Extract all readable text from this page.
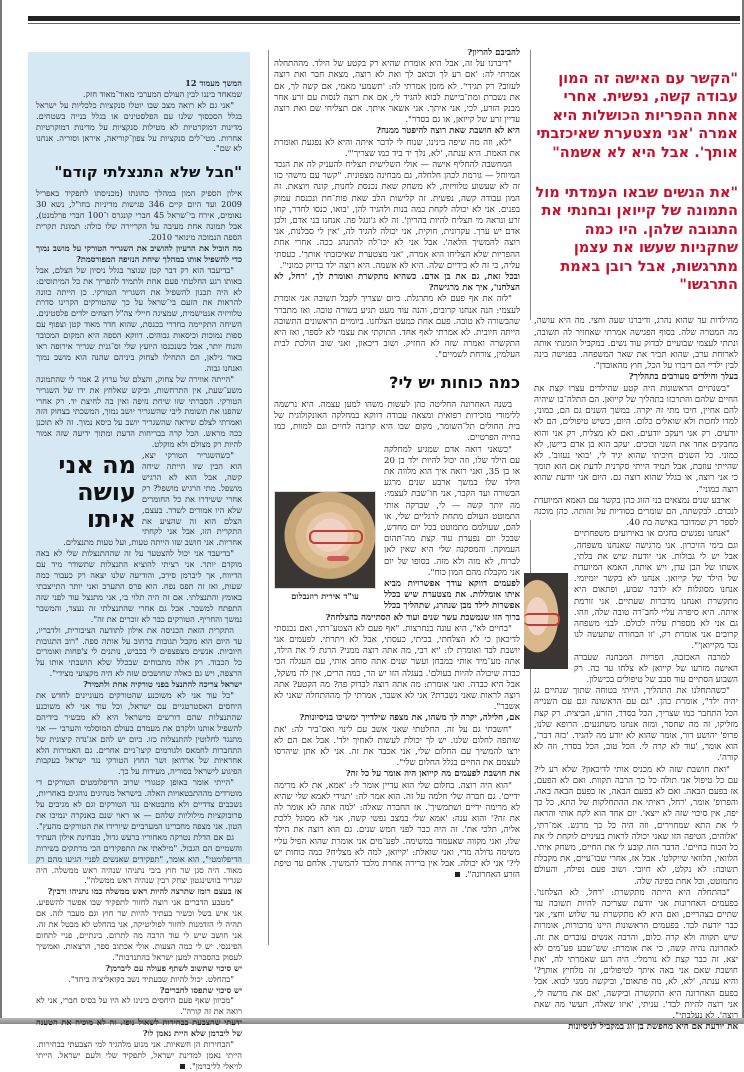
"הקשר עם האישה זה המון עבודה קשה, נפשית. אחרי אחת ההפריות הכושלות היא אמרה 'אני מצטערת שאיכזבתי אותך'. אבל היא לא אשמה"

"את הנשים שבאו העמדתי מול התמונה של קייואן ובחנתי את התגובה שלהן. היו כמה שחקניות שעשו את עצמן מתרגשות, אבל רובן באמת התרגשו"

מהילדות עד שהוא נהרג, ודיברנו שעה וחצי. מה היא עושה, מה המטרה שלה. בסוף הפגישה אמרתי שאחזיר לה תשובה, ונתתי לעצמי שבועיים לבדוק עוד נשים. במקביל הזמנתי אותה לארוחת ערב, שהוא תכיר את שאר המשפחה. בפגישה בינה לבין ילדיי הם דיברו על הכל, חוץ מהאובדן".

בעלך והילדים מעורבים בתהליך?

"בשנתיים הראשונות היה קטע שהילדים עצרו קצת את החיים שלהם והתרכזו בתהליך של קייואן. הם התלה־בו שיהיה להם אחיין, חיכו מתי זה יקרה. במשך השנים גם הם, כמוני, למדו לחכות ולא שואלים כלום. היום, כשיש טיפולים, הם לא יודעים. רק אני ויעקב יודעים. ואם לא מצליח, רק אני והוא מחבקים אחד את השני ובוכים. יעקב הוא בן אדם ביישן, לא כמוני. כל השנים חיכיתי שהוא יגיד לי, 'בואי נעזוב'. לא שהייתי עוזבת, אבל תמיד הייתי סקרנית לדעת אם הוא תומך כי אני רוצה, או בגלל שהוא רוצה גם. היום אני יודעת שהוא רוצה כמוני".

ארבע שנים נמצאים בני הזוג כהן בקשר עם האמא המיועדת לנכדם. לבקשתה, הם שומרים בסודיות על זהותה. כהן מוכנה לספר רק שמדובר באישה בת 40.

"אנחנו נפגשים בחגים או באירועים משפחתיים וגם בימי הזיכרון. אני מרגישה שאנחנו משפחה, אבל יש לי גבולות. אני יודעת שיש את בלתי, אשתו של הבן עדן, ויש אותה, האמא המיועדת של הילד של קייואן. אנחנו לא בקשר יומיומי. אנחנו מסוגלות לא לדבר שבוע, ופתאום היא מתקשרת ואנחנו מדברות שעתיים. אני זורמת איתה. היא סיפרה עליי לחב־רה טובה שלה, וזהו. גם אני לא מספרת עליה לכולם. לבני משפחה קרובים אני אומרת רק, 'זו הבחורה שתעשה לנו נכד מקייואן'".

למרבה האכזבה, הפריות המבחנה שעברה האישה מזרעו של קייואן לא צלחו עד כה. רק השבוע הסתיים עוד סבב של טיפולים בכישלון.

"כשהתחלנו את התהליך, הייתי בטוחה שתוך שנתיים גג יהיה ילד", אומרת כהן. "גם עם הראשונה וגם עם השנייה הכל התחבר כמו שצריך, הכל בסדר, הזרע, הביצית. רק קצת מזליקו, זה מה שחסר, ומזה אנחנו משתגעים. הרופא שלנו, פרופ' יהושע דור, אומר שהוא לא יודע מה להגיד. 'כזה דבר', הוא אומר, 'עוד לא קרה לי. הכל טוב, הכל בסדר, וזה לא קורה'.

"ואת חושבת שזה לא מכניס אותי לדיכאון? שלא רע לי? עם כל טיפול אני תולה כל כך הרבה תקוות. ואם לא הפעם, אז בפעם הבאה. ואם לא בפעם הבאה, אז בפעם הבאה באה. והפרופ' אומר, 'רחל, ראיתי את ההתחלקות של התא, כל כך יפה, אין סיכוי שזה לא ייצא'. יום אחד הוא לקח אותי והראה לי את התא שמחוירים, וזה היה כל כך מרגש. אמ־רתי, 'אלוהים, הטיפה הזו שאני יכולה לראות בעיניים לוקחת לי את כל הכוח בחיים'. הדבר הזה קובע לי את החיים, משחק איתי. הלוואי, הלוואי שייקלט'. אבל אז, אחרי שבו־עיים, את מקבלת תשובה: לא נקלט, לא חיובי. ושוב פעם נפילה, והעולם מתמוטט, וכל אחת בפינה שלה.

"בהתחלה היא הייתה מתקשרת: 'רחל, לא הצלחנו'. בפעמים האחרונות אני יודעת שצריכה להיות תשובה עד שתיים בצהריים, ואם היא לא מתקשרת עד שלוש וחצי, אני כבר יודעת לבד. בפעמים הראשונות היינו מרבורות, אומרות שיש תקווה ולא קרה כלום, והרבה אנשים עוברים את זה. לאחרונה נהיה קשה, כי את אומרת: שש־שבע פע־מים לא יצא. זה כבר קצת לא נורמלי. היה רגע שאמרתי לה, 'את חושבת שאם אני באה איתך לטיפולים, זה מלחיץ אותך?' והיא ענתה, 'לא, לא, מה פתאום', וביקשה ממני לבוא. אבל בפעם האחרונה היא התקשרה וביקשה, 'אם את מרשה לי, אני רוצה להיות לבד'. עניתי, 'איזו שאלה, תעשי מה שאת רוצה'. לא נעלבתי".

את יודעת אם היא מחפשת בן זוג במקביל לניסיונות

להביבם להריון?

"דיברנו על זה, אבל היא אומרת שהיא רק בקטע של הילד. מההתחלה אמרתי לה: 'אם רע לך וכואב לך ואת לא רוצה, מצאת חבר ואת רוצה לעזוב? רק תגידי'. לא מזמן אמרתי לה: 'תשמעי מאמי, אם קשה לך, אם את נשברת ומת־ביישת לבוא להגיד לי, אם את רוצה לנסות עם זרע אחר מבנק הזרע, לכי, אני איתך. אני אשאר איתך. אם תצליחי שם ואת רוצה עדיין זרע של קייואן, או גם בסדר".

היא לא חושבת שאת רוצה להיפטר ממנה?

"לא, וזה מה שיפה בינינו, שנוח לי לדבר איתה והיא לא נפגעת ואומרת את האמת. היא ענתה, 'לא, נלך יד ביד כמו שצריך'".

המחשבה להחליף אישה — אולי השלישית תצליח להעניק לה את הנכד המיוחל — גורמת לכהן חלחלה, גם מבחינה מצפונית. "קשר עם מישהי כזו זה לא שעשוע טלוויזיה, לא משחק שאת נכנסת לחנות, קונה ויוצאת. זה המון עבודה קשה, נפשית. זה קלישות הלב שאת פות־חת ונכנסת עמוק בפנים. אני לא יכולה לקחת כמה בנות ולהגיד להן, 'בואו, כנסו לחדר, קחו זרע ונראה מי תצליח להיות בהריון'. זה לא ג'ונגל פה. אנחנו בני אדם, ולכן אדם יש ערך. עקרונית, חוקית, אני יכולה להגיד לה, 'אין לי סבלנות, אני רוצה להמשיך הלאה'. אבל אני לא יכו־לה להתנהג ככה. אחרי אחת ההפריות שלא הצליחו היא אמרה, 'אני מצטערת שאיכזבתי אותך'. כעסתי עליה, כי זה לא בידיים שלה. היא לא אשמה. היא רוצה ילד בדיוק כמוני".

ובכל זאת, גם את בן אדם. כשהיא מתקשרת ואומרת לך, 'רחל, לא הצלחנו', איך את מרגישה?

"לזה את אף פעם לא מתרגלת. ביום שצריך לקבל תשובה אני אומרת לעצמי: הנה אנחנו קרובים, והנה עוד מעט תגיע בשורה טובה. ואז מתברר שהבשורה לא טובה. פעם אחת כמעט הצלחנו. ביומיים הראשונים התשובה הייתה חיובית. לא אמרתי לאף אחד. התוקתי את עצמי לא לספר, ואז היא התקשרה ואמרה שזה לא החזיק. ושוב דיכאון, ואני שוב הולכת לבית העלמין, צורחת לשמיים".

כמה כוחות יש לי?

בשנה האחרונה החליטה כהן לעשות משהו למען עצמה. היא נרשמה ללימודי מזכירות רפואית ומצאה עבודה דווקא במחלקה האונקולוגית של בית החולים תל־השומר, מקום שבו היא קרובה לחיים וגם למוות, כמו בחייה הפרטיים.

עו"ד אירית רוזנבלום

"כשאני רואה אדם שמגיע למחלקה עם הילד שלו, וזה יכול להיות ילד בן 20 או בן 35, ואני רואה איך הוא מלווה את הילד שלו במשך ארבע שנים מרגע הבשורה ועד הקבר, אני חו־שבת לעצמי: מה יותר קשה — לי, שברקה אותי התמוטט העולם מתחת לרגליים שלי, או להם, שעולמם מתמוטט בכל יום מחדש, שבכל יום נפערת עוד קצת מה־תהום העמוקה. והמסקנה שלי היא שאין לאן לברוח, לא מזה ולא מזה. בסופו של יום אני מקבלת מהם המון כוח".

לפעמים דווקא עודך אפשרויות מביא איתו אומללות. את מצטערת שיש בכלל אפשרות לילד מבן שנהרג, שתהליך בכלל ברוך הזו שנמשכת עשר שנים ועוד לא הסתיימה בהצלחה?

"בחיים לא", היא עונה בנחרצות. "אף פעם לא הצטע־רתי, ואם נכנסתי לדיכאון כי לא הצלחתי, בכיתי, כעסתי, אבל לא ויתרתי. לפעמים אני יושבת לבד ואומרת לו: 'יא רבי, מה אתה רוצה ממני? הרגת לי את הילד, אתה מע־מיד אותי במבחן ועשר שנים אתה סוחב אותי, עם העגלה הכי כבדה שיכולה להיות בעולם'. בעגלה הזו יש הר, כמה הרים, אין לה משקל, אבל היא כבדה. ואני אומרת: מה אתה רוצה לבדוק פה? מה הקטע? אתה רוצה לראות שאני נשברת? אני לא אשבר, אמרתי לך מההתחלה שאני לא אשבר".

אם, חלילה, יקרה לך משהו, את מצפה שילדייך ימשיכו בניסיונות?

"חשבתי גם על זה. החלטתי שאני אשב עם לינוי ואס־ביר לה: 'את שותפה לחלום שלנו. יש לך יכולת לעשות לאחיך ילד'. אבל אם הם לא ירצו להמשיך עם החלום שלי, אני אכבד את זה. אני לא אתן שיהרסו לעצמם את החיים בגלל החלום שלי".

את חושבת לפעמים מה קייואן היה אומר על כל זה?

"הוא היה רוצה. בחלום שלי הוא עדיין אומר לי: 'אמא, את לא מרימה ידיים'. גם חברה שלי חלמה על זה. הוא אמר לה: 'תגידי לאמא שלי שהיא לא מרימה ידיים ושתמשיך'. אז החברה שאלה: 'למה אתה לא אומר לה את זה?' והוא ענה: 'אמא שלי במצב נפשי קשה, אני לא מסוגל ללכת אליה, תלכי את'. זה היה כבר לפני חמש שנים. גם הוא רוצה את הילד שלו, ואני מקווה שאעמוד במשימה. לפע־מים אני אומרת שהוא הפיל עליי משימה גדולה מדי, ואני שואלת: 'קייואן, למה לא מצליח? כמה כוחות יש לי?' אני לא יכולה. אבל אין ברירה אחרת מלבד להמשיך. אלחם עד טיפת הזרע האחרונה".

המשך מעמוד 12

שמאחד ביננו לבין העולם המערבי מאוד־מאוד חזק.

"אני גם לא רואה מצב שבו יוטלו סנקציות כלכליות על ישראל בגלל הסכסוך שלנו עם הפלסטינים או בגלל בנייה בשטחים. מדינות דמוקרטיות לא מטילות סנקציות על מדינות דמוקרטיות אחרות. מטי־לים סנקציות על צפון־קוריאה, איראן וסוריה. אנחנו לא שם".

"חבל שלא התנצלתי קודם"

אילון הספיק המון במהלך כהונתו (מכניסתו לתפקיד באפריל 2009 ועד היום קיים 346 פגישות מדיניות בחו"ל, נשא 30 נאומים, אירח בי־שראל 45 חברי קונגרס ו־100 חברי פרלמנט), אבל תמונה אחת מעיבה על הקריירה שלו כולה: תמונת תקרית הספה הנמוכה מינואר 2010.

מה הוביל את הרעיון להושיב את השגריר הטורקי על מושב נמוך כדי להשפיל אותו במהלך שיחת הנזיפה המפורסמת?

"בדיעבד הוא רק דבר קטן שנוצר בגלל ניסיון של הצלם, אבל באותו רגע החלטתי פעם אחת ולתמיד להפריך את כל המיתוסים: לא היה תכנון להשפיל את השגריר הטורקי. כן הייתה כוונה להראות את הזעם בי־שראל על כך שהטורקים הקרינו סדרת טלוויזיה אנטישמית, שמציגה חיילי צה"ל רוצחים ילדים פלסטינים. השיחה התקיימה בחדרי בכנסת, שהוא חדר מאוד קטן וצפוף עם ספות נמוכות וכיסאות גבוהים. דווקא הספה היא המקום המכובד והנוח יותר, אבל כשנכנסו היועץ שלי וס־גנית שגריר אירופה ראו באור גילאן, הם התחילו לצחוק ביניהם שהנה הוא מושב נמוך ואנחנו גבוה.

"הייתה אווירה של צחוק, והצלם של ערוץ 2 אמר לי שהתמונה משע־שעת, אין התרחשות, וביקש שאלחץ את ידו של השגריר הטורקי. הסברתי שזו שיחת נזיפה ואין בה לחיצת יד. רק אחרי שהפנו את תשומת ליבי שהשגריר יושב נמוך, המשכתי בצחוק הזה ואמרתי לצלם שיראה שהשגריר יושב על כיסא נמוך. זה לא תוכנן ככה מראש. הכל קרה בבריחות הדעת ומתוך ידיעה שזה אמור להיות רק מצולם ולא מוקלט.

מה אני עושה איתו

"כשהשגריר הטורקי יצא, הוא הבין שזו הייתה שיחה קשה, אבל הוא לא הרגיש מושפל. מתי הרגיש מושפל? רק אחרי ששידרו את כל החומרים שלא היו אמורים לשדר. בעצם, הצלם הוא זה שהציע את התקרית הזו, אבל אני לקחתי אחריות. אני חושב שזו הייתה טעות, ועל טעות מתנצלים.

"בדיעבד אני יכול להצטער על זה שההתנצלות שלי לא באה מוקדם יותר. אני רציתי להוציא התנצלות שתשודר מיד עם הדיווח, אך ליברמן סירב, והודיעה שלנו יצאה רק כעבור כמה שעות, ואז זה תפס נפח. הוא פרס התערב ואני יותר התייצבתי באומץ והתנצלתי. אם זה היה תלוי בי, אני מתנצל עוד לפני שזה התפתח למשבר. אבל גם אחרי שהתנצלתי זה נעצר, והמשבר נמשך והחריף. הטורקים כבר לא זוכרים את זה".

התקרית הזאת הכניסה את אילון לתודעה הציבורית, ולדבריו, עד היום הוא מקבל תגובות ברחוב על אותה ספה. "רוב התגובות חיוביות. אנשים מצפצפים לי בכביש, נותנים לי צ'פחות ואומרים כל הכבוד. רק אלה מתבוחים שבכלל שלא הושבתי אותו על הרצפה, ויש גם כאלה שחושבים שזה לא היה מקצועי מצידי".

ישראל צריכה להתנצל בפני טורקיה אחת ולתמיד?

"כל עוד אני לא משוכנע שהטורקים מעוניינים לחדש את היחסים האסטרטגיים עם ישראל, וכל עוד אני לא משוכנע שהתנצלות שהם דורשים מישראל היא לא מכשיר בידיהם להשפיל אותנו ולקדם את מעמדם בעולם המוסלמי והערבי — אני מתנגד לחלוטין להתנצלות כזו. כיום יש להם אג'נדה קיצונית של התחברות לחמאס ולגורמים קיצו־ניים אחרים. גם האמירות הלא אחראיות של ארדואן ושר החוץ הטורקי נגד ישראל בעקבות הפיגוע לישראל בסוריה, מעידות על כך.

"הייתי אומר באופן קטגורי שרוב הדיפלומטים הטורקים די מוטרדים מההתבטאויות האלה. בישראל מנהיגים נוהגים באחריות, נשכבים צדדיים ולא מתבטאים נגד הטורקים וגם לא מגיבים על פרובוקציות מילוליות שלהם — או ראוי שנם באנקרה ינמיכו את הטון. אני מצפה מחברינו המערביים שיורידו את הטורקים מהעץ".

גם אם הדלת נטרקה מאחוריו ברעש גדול, מבחינת אילון העתיד והשמיים הם הגבול. "מילאתי את התפקידים הכי מרתקים בשירות הדיפלומטי", הוא אומר, "תפקידים שאנשים לפניי הגיעו מהם רק מאוד. היה סגן שר חוץ ביבי נתניהו שנהיה ראש ממשלה. היה שגריר בוושינגטון יצחק רבין שנהיה ראש ממשלה".

אז בעצם רומז שתרצה להיות ראש ממשלה כמו נתניהו ורבין?

"מטבע הדברים אני רוצה לחזור לתפקיד שבו אפשר להשפיע. אני איש בשל וכשיר בעתיד להיות שר חוץ וגם מעבר לזה. אם תהיה לי הזדמנות לחזור לפוליטיקה, אני בהחלט לא מבטל את זה. אני חושב שיש לי עוד הרבה מה לתרום. בינתיים, פניי לתחום הפיננסי. יש לי כמה הצעות. אולי אכתוב ספר, הרצאות. ואמשיך לעסוק בהסברה למען ישראל בהתנדבות".

יש סיכוי שתשוב לשתף פעולה עם ליברמן?

"בהחלט. יכול להיות שבעתיד נשב בקואליציה ביחד".

יש סיכוי שתפסו לחברים?

"מכיוון שאף פעם היחסים בינינו לא היו על בסיס חברי, אני לא רואה את זה קורה".

ידעתי שהצבעת בבחירות לשאול נופז. זה לא מוכיח את הטענה של ליברמן שלא היית נאמן לו?

"הבחירות הן חשאיות. אני מנוע מלהגיד למי הצבעתי בבחירות. הייתי נאמן למדינת ישראל, לתפקיד שלי ולעם ישראל. הייתי לויאלי לליברמן".
